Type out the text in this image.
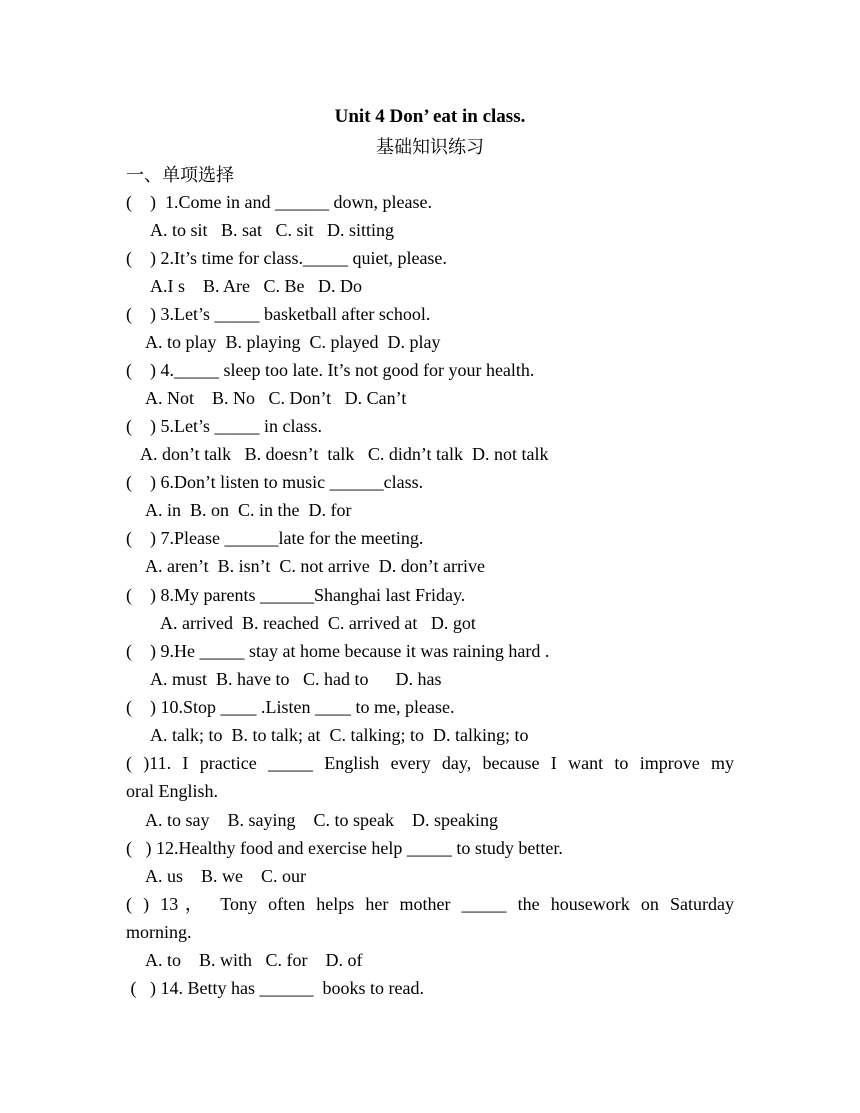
Unit 4 Don’ eat in class.
基础知识练习
一、单项选择
(    )  1.Come in and ______ down, please.
A. to sit   B. sat   C. sit   D. sitting
(    ) 2.It’s time for class._____ quiet, please.
A.I s    B. Are   C. Be   D. Do
(    ) 3.Let’s _____ basketball after school.
A. to play  B. playing  C. played  D. play
(    ) 4._____ sleep too late. It’s not good for your health.
A. Not    B. No   C. Don’t   D. Can’t
(    ) 5.Let’s _____ in class.
A. don’t talk   B. doesn’t  talk   C. didn’t talk  D. not talk
(    ) 6.Don’t listen to music ______class.
A. in  B. on  C. in the  D. for
(    ) 7.Please ______late for the meeting.
A. aren’t  B. isn’t  C. not arrive  D. don’t arrive
(    ) 8.My parents ______Shanghai last Friday.
A. arrived  B. reached  C. arrived at   D. got
(    ) 9.He _____ stay at home because it was raining hard .
A. must  B. have to   C. had to      D. has
(    ) 10.Stop ____ .Listen ____ to me, please.
A. talk; to  B. to talk; at  C. talking; to  D. talking; to
( )11. I practice _____ English every day, because I want to improve my
oral English.
A. to say    B. saying    C. to speak    D. speaking
(   ) 12.Healthy food and exercise help _____ to study better.
A. us    B. we    C. our
( ) 13， Tony often helps her mother _____ the housework on Saturday
morning.
A. to    B. with   C. for    D. of
(   ) 14. Betty has ______  books to read.
